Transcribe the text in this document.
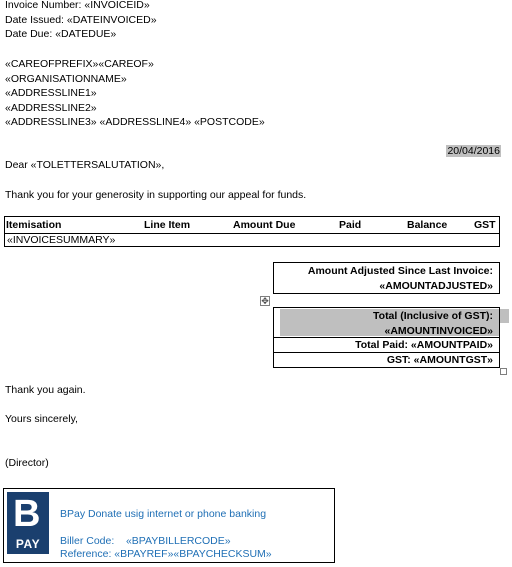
Invoice Number: «INVOICEID»
Date Issued: «DATEINVOICED»
Date Due: «DATEDUE»
«CAREOFPREFIX»«CAREOF»
«ORGANISATIONNAME»
«ADDRESSLINE1»
«ADDRESSLINE2»
«ADDRESSLINE3» «ADDRESSLINE4» «POSTCODE»
20/04/2016
Dear «TOLETTERSALUTATION»,
Thank you for your generosity in supporting our appeal for funds.
Itemisation	Line Item	Amount Due	Paid	Balance	GST
«INVOICESUMMARY»
Amount Adjusted Since Last Invoice:
«AMOUNTADJUSTED»
✥
Total (Inclusive of GST):
«AMOUNTINVOICED»
Total Paid: «AMOUNTPAID»
GST: «AMOUNTGST»
Thank you again.
Yours sincerely,
(Director)
B
PAY
BPay Donate usig internet or phone banking
Biller Code:    «BPAYBILLERCODE»
Reference: «BPAYREF»«BPAYCHECKSUM»
